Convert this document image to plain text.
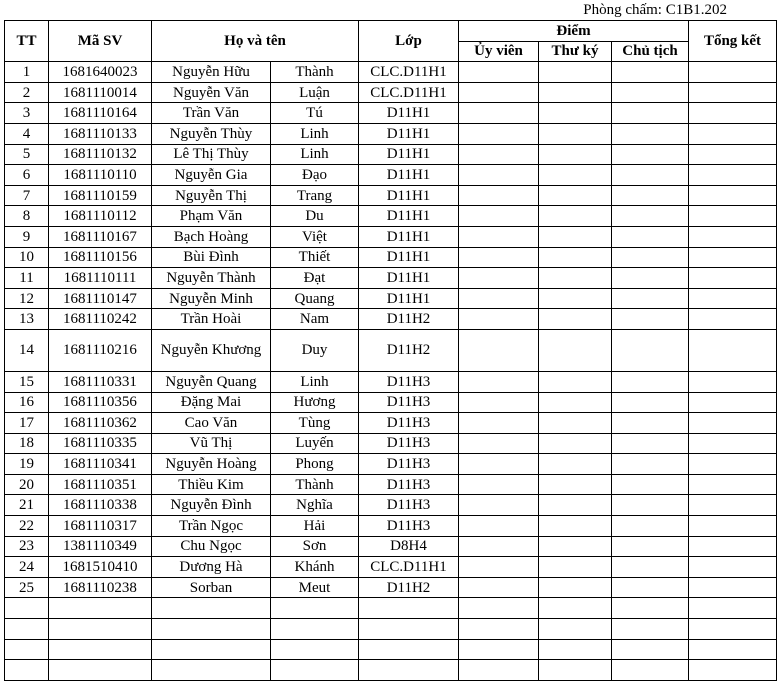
Phòng chấm: C1B1.202
TT	Mã SV	Họ và tên		Lớp	Điểm			Tổng kết
					Ủy viên	Thư ký	Chủ tịch	
1	1681640023	Nguyễn Hữu	Thành	CLC.D11H1				
2	1681110014	Nguyễn Văn	Luận	CLC.D11H1				
3	1681110164	Trần Văn	Tú	D11H1				
4	1681110133	Nguyễn Thùy	Linh	D11H1				
5	1681110132	Lê Thị Thùy	Linh	D11H1				
6	1681110110	Nguyễn Gia	Đạo	D11H1				
7	1681110159	Nguyễn Thị	Trang	D11H1				
8	1681110112	Phạm Văn	Du	D11H1				
9	1681110167	Bạch Hoàng	Việt	D11H1				
10	1681110156	Bùi Đình	Thiết	D11H1				
11	1681110111	Nguyễn Thành	Đạt	D11H1				
12	1681110147	Nguyễn Minh	Quang	D11H1				
13	1681110242	Trần Hoài	Nam	D11H2				
14	1681110216	Nguyễn Khương	Duy	D11H2				
15	1681110331	Nguyễn Quang	Linh	D11H3				
16	1681110356	Đặng Mai	Hương	D11H3				
17	1681110362	Cao Văn	Tùng	D11H3				
18	1681110335	Vũ Thị	Luyến	D11H3				
19	1681110341	Nguyễn Hoàng	Phong	D11H3				
20	1681110351	Thiều Kim	Thành	D11H3				
21	1681110338	Nguyễn Đình	Nghĩa	D11H3				
22	1681110317	Trần Ngọc	Hải	D11H3				
23	1381110349	Chu Ngọc	Sơn	D8H4				
24	1681510410	Dương Hà	Khánh	CLC.D11H1				
25	1681110238	Sorban	Meut	D11H2				
